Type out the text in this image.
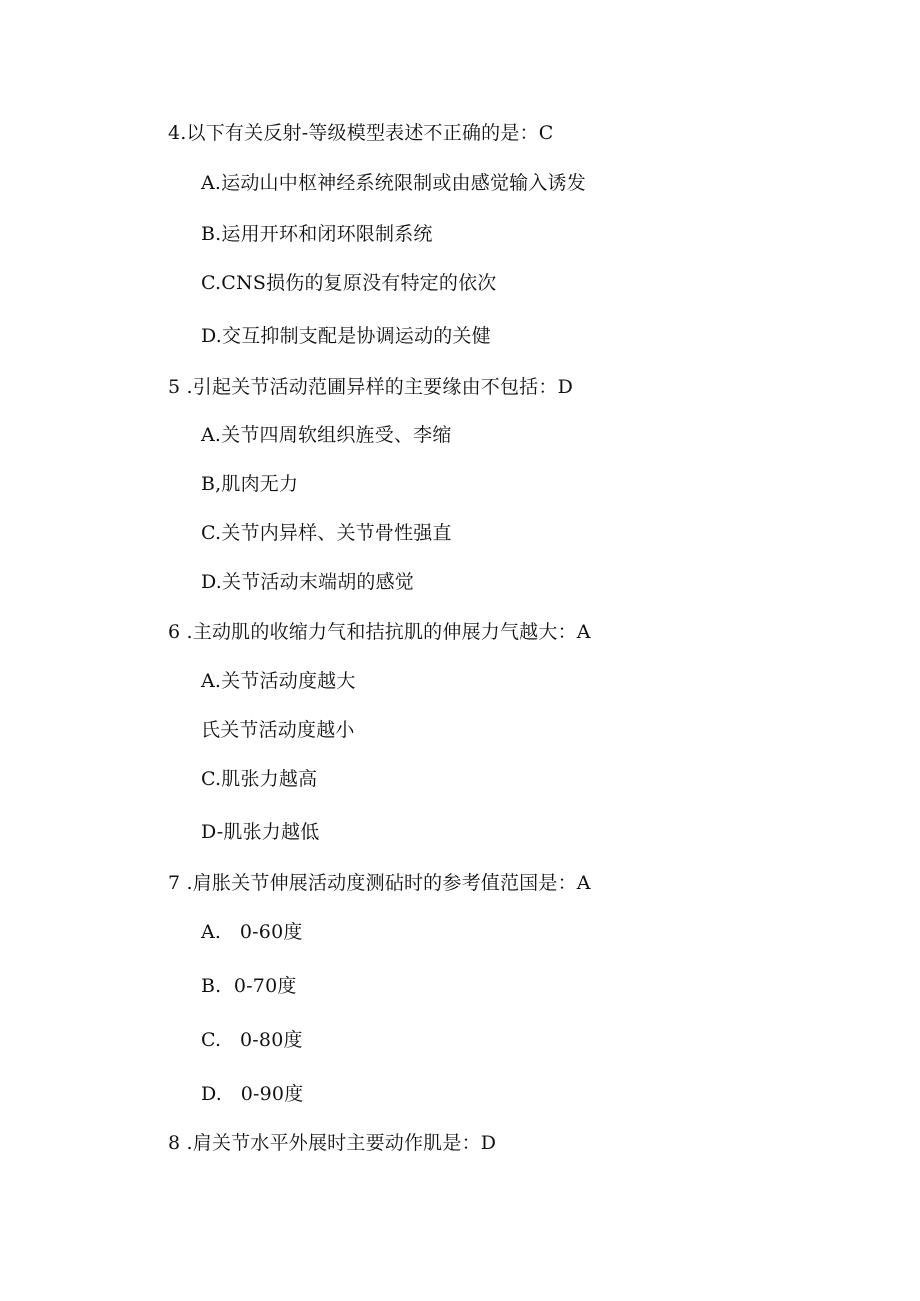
4.以下有关反射-等级模型表述不正确的是：C
A.运动山中枢神经系统限制或由感觉输入诱发
B.运用开环和闭环限制系统
C.CNS损伤的复原没有特定的依次
D.交互抑制支配是协调运动的关健
5 .引起关节活动范圃异样的主要缘由不包括：D
A.关节四周软组织旌受、李缩
B,肌肉无力
C.关节内异样、关节骨性强直
D.关节活动末端胡的感觉
6 .主动肌的收缩力气和拮抗肌的伸展力气越大：A
A.关节活动度越大
氏关节活动度越小
C.肌张力越高
D-肌张力越低
7 .肩胀关节伸展活动度测砧时的参考值范国是：A
A.   0-60度
B.  0-70度
C.   0-80度
D.   0-90度
8 .肩关节水平外展时主要动作肌是：D
